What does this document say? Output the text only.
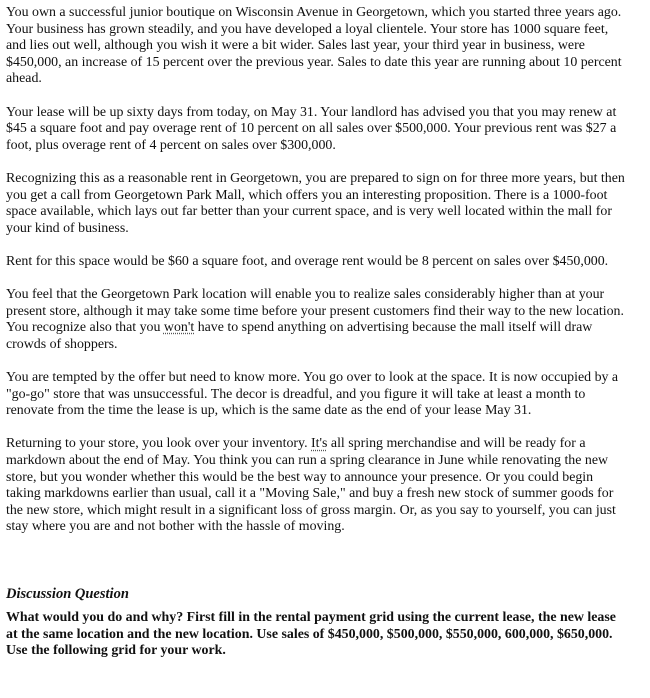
You own a successful junior boutique on Wisconsin Avenue in Georgetown, which you started three years ago. Your business has grown steadily, and you have developed a loyal clientele. Your store has 1000 square feet, and lies out well, although you wish it were a bit wider. Sales last year, your third year in business, were $450,000, an increase of 15 percent over the previous year. Sales to date this year are running about 10 percent ahead.

Your lease will be up sixty days from today, on May 31. Your landlord has advised you that you may renew at $45 a square foot and pay overage rent of 10 percent on all sales over $500,000. Your previous rent was $27 a foot, plus overage rent of 4 percent on sales over $300,000.

Recognizing this as a reasonable rent in Georgetown, you are prepared to sign on for three more years, but then you get a call from Georgetown Park Mall, which offers you an interesting proposition. There is a 1000-foot space available, which lays out far better than your current space, and is very well located within the mall for your kind of business.

Rent for this space would be $60 a square foot, and overage rent would be 8 percent on sales over $450,000.

You feel that the Georgetown Park location will enable you to realize sales considerably higher than at your present store, although it may take some time before your present customers find their way to the new location. You recognize also that you won't have to spend anything on advertising because the mall itself will draw crowds of shoppers.

You are tempted by the offer but need to know more. You go over to look at the space. It is now occupied by a "go-go" store that was unsuccessful. The decor is dreadful, and you figure it will take at least a month to renovate from the time the lease is up, which is the same date as the end of your lease May 31.

Returning to your store, you look over your inventory. It's all spring merchandise and will be ready for a markdown about the end of May. You think you can run a spring clearance in June while renovating the new store, but you wonder whether this would be the best way to announce your presence. Or you could begin taking markdowns earlier than usual, call it a "Moving Sale," and buy a fresh new stock of summer goods for the new store, which might result in a significant loss of gross margin. Or, as you say to yourself, you can just stay where you are and not bother with the hassle of moving.

Discussion Question

What would you do and why? First fill in the rental payment grid using the current lease, the new lease at the same location and the new location. Use sales of $450,000, $500,000, $550,000, 600,000, $650,000. Use the following grid for your work.
